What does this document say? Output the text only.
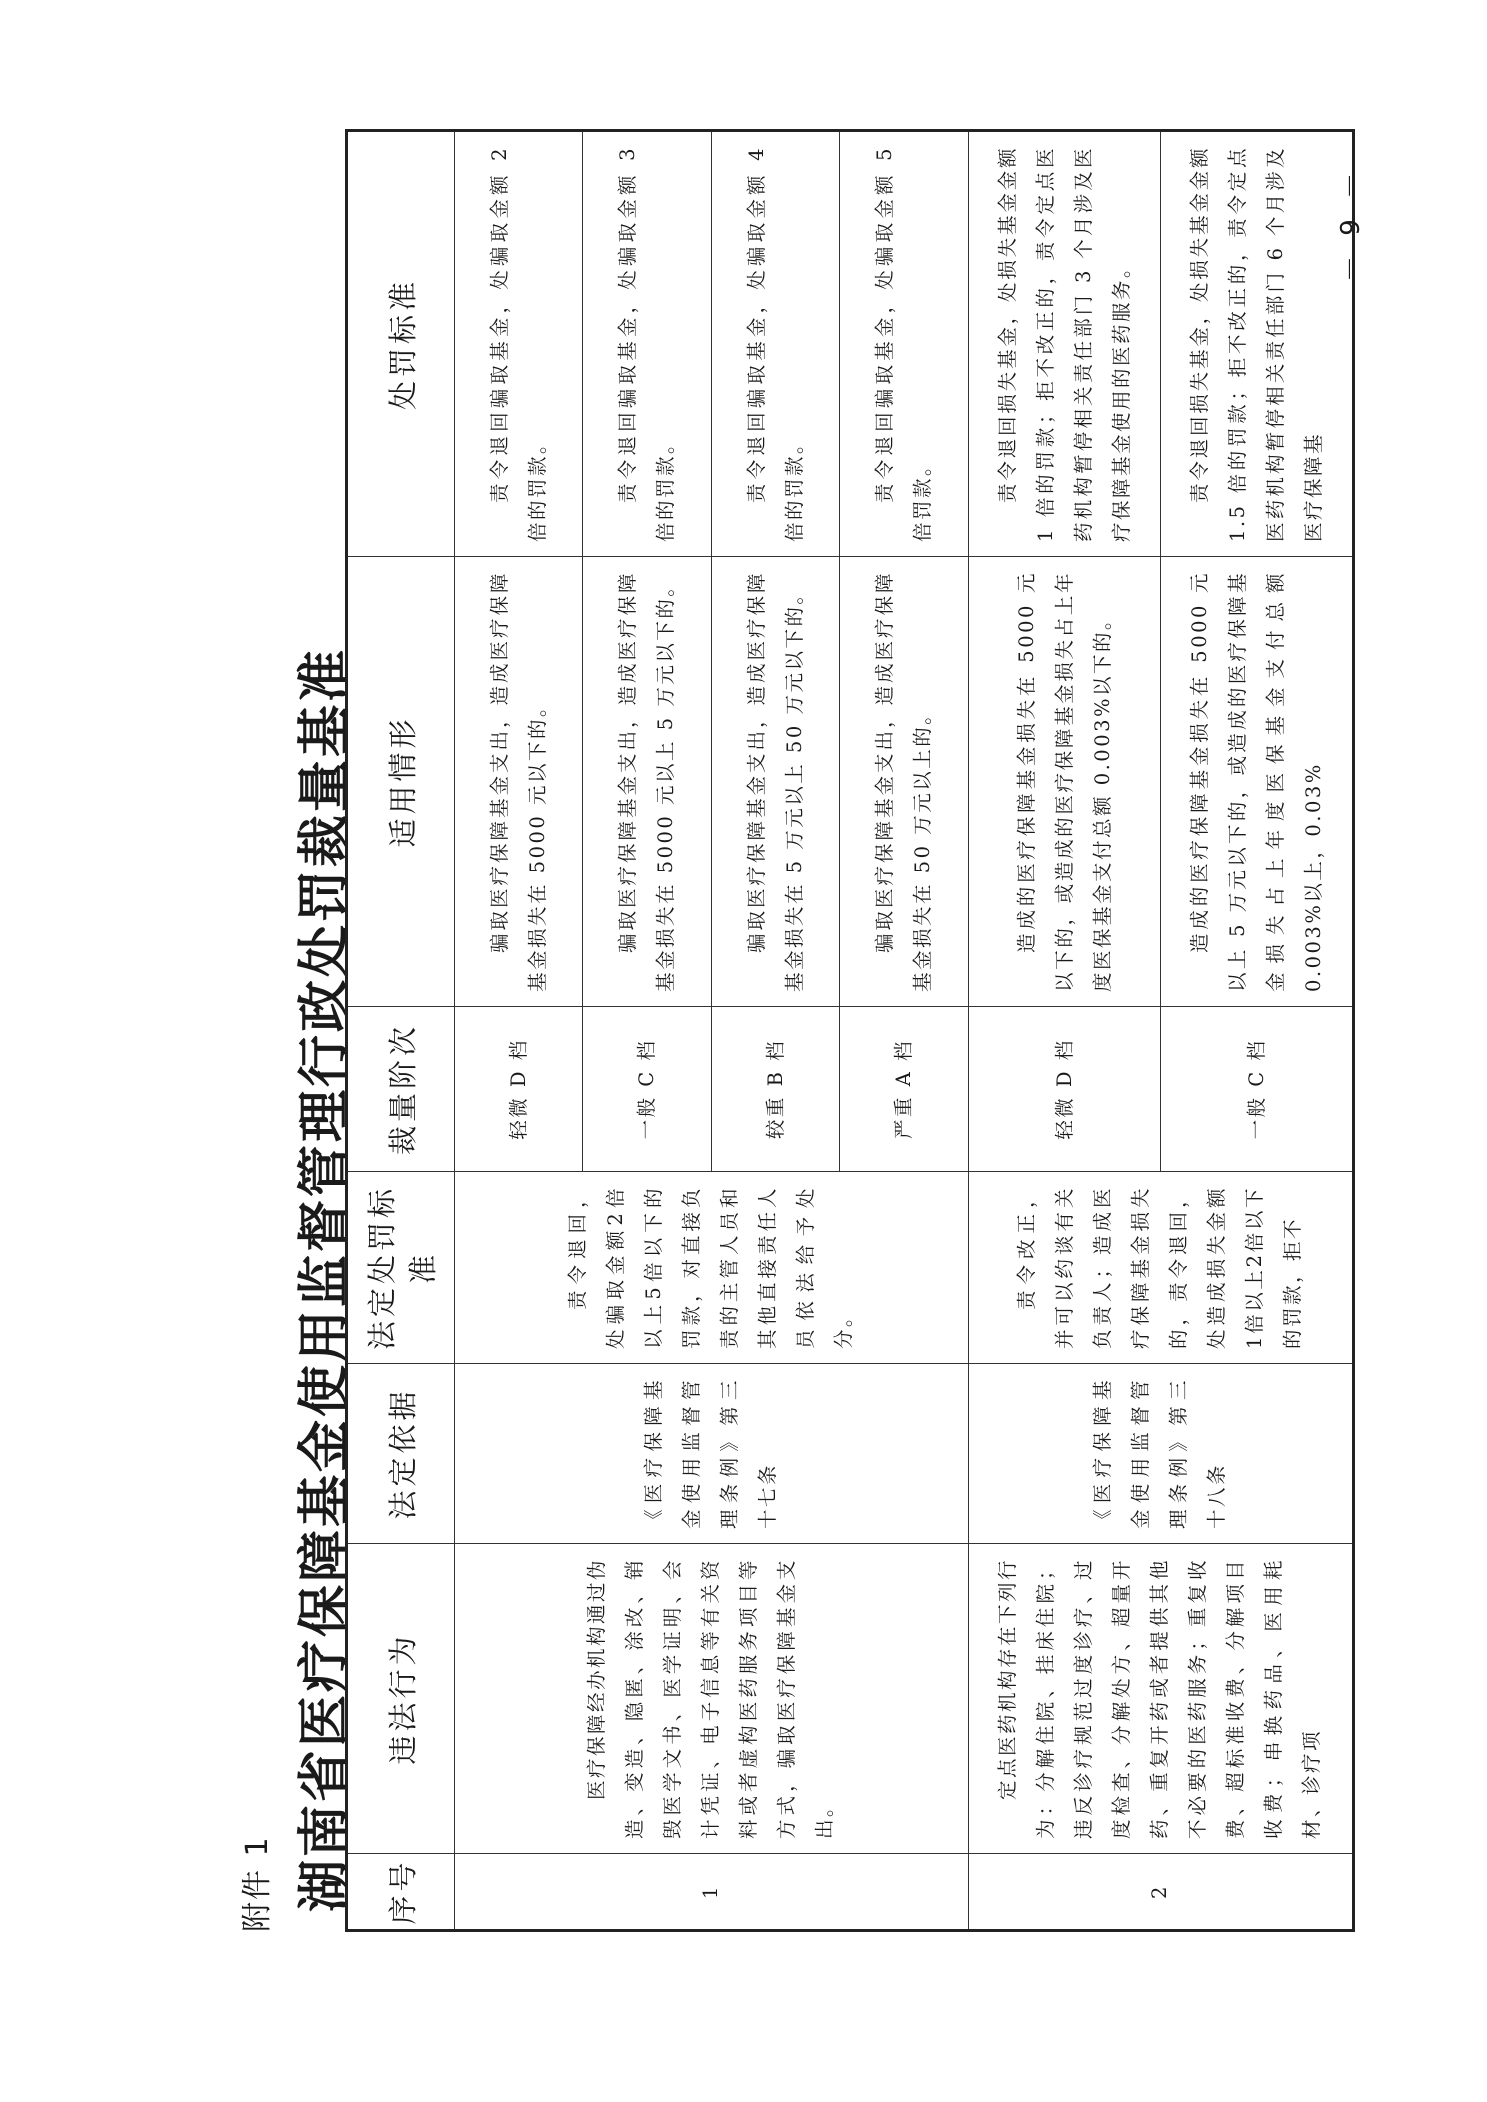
附件 1 湖南省医疗保障基金使用监督管理行政处罚裁量基准 序号	违法行为	法定依据	法定处罚标准	裁量阶次	适用情形	处罚标准
1	医疗保障经办机构通过伪造、变造、隐匿、涂改、销毁医学文书、医学证明、会计凭证、电子信息等有关资料或者虚构医药服务项目等方式，骗取医疗保障基金支出。	《医疗保障基金使用监督管理条例》第三十七条	责令退回，处骗取金额2倍以上5倍以下的罚款，对直接负责的主管人员和其他直接责任人员依法给予处分。	轻微 D 档	骗取医疗保障基金支出，造成医疗保障基金损失在 5000 元以下的。	责令退回骗取基金，处骗取金额 2 倍的罚款。
				一般 C 档	骗取医疗保障基金支出，造成医疗保障基金损失在 5000 元以上 5 万元以下的。	责令退回骗取基金，处骗取金额 3 倍的罚款。
				较重 B 档	骗取医疗保障基金支出，造成医疗保障基金损失在 5 万元以上 50 万元以下的。	责令退回骗取基金，处骗取金额 4 倍的罚款。
				严重 A 档	骗取医疗保障基金支出，造成医疗保障基金损失在 50 万元以上的。	责令退回骗取基金，处骗取金额 5 倍罚款。
2	定点医药机构存在下列行为：分解住院、挂床住院；违反诊疗规范过度诊疗、过度检查、分解处方、超量开药、重复开药或者提供其他不必要的医药服务；重复收费、超标准收费、分解项目收费；串换药品、医用耗材、诊疗项	《医疗保障基金使用监督管理条例》第三十八条	责令改正，并可以约谈有关负责人；造成医疗保障基金损失的，责令退回，处造成损失金额1倍以上2倍以下的罚款，拒不	轻微 D 档	造成的医疗保障基金损失在 5000 元以下的，或造成的医疗保障基金损失占上年度医保基金支付总额 0.003%以下的。	责令退回损失基金，处损失基金金额 1 倍的罚款；拒不改正的，责令定点医药机构暂停相关责任部门 3 个月涉及医疗保障基金使用的医药服务。
				一般 C 档	造成的医疗保障基金损失在 5000 元以上 5 万元以下的，或造成的医疗保障基金损失占上年度医保基金支付总额 0.003%以上，0.03%	责令退回损失基金，处损失基金金额 1.5 倍的罚款；拒不改正的，责令定点医药机构暂停相关责任部门 6 个月涉及医疗保障基
－ 9 －
